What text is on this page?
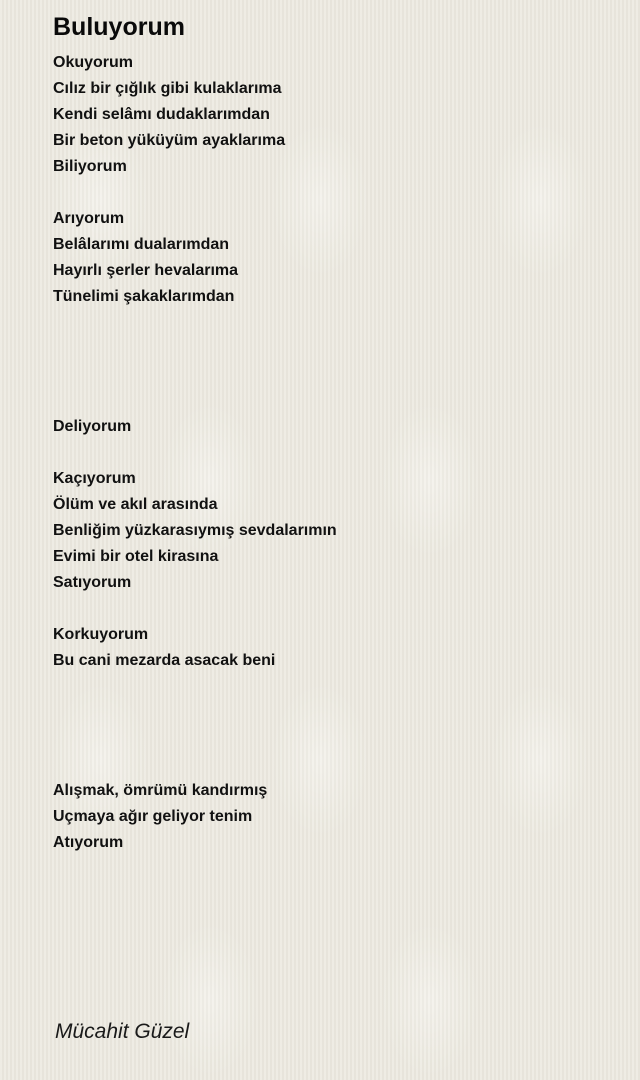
Buluyorum
Okuyorum
Cılız bir çığlık gibi kulaklarıma
Kendi selâmı dudaklarımdan
Bir beton yüküyüm ayaklarıma
Biliyorum
Arıyorum
Belâlarımı dualarımdan
Hayırlı şerler hevalarıma
Tünelimi şakaklarımdan
Deliyorum
Kaçıyorum
Ölüm ve akıl arasında
Benliğim yüzkarasıymış sevdalarımın
Evimi bir otel kirasına
Satıyorum
Korkuyorum
Bu cani mezarda asacak beni
Alışmak, ömrümü kandırmış
Uçmaya ağır geliyor tenim
Atıyorum
Mücahit Güzel
